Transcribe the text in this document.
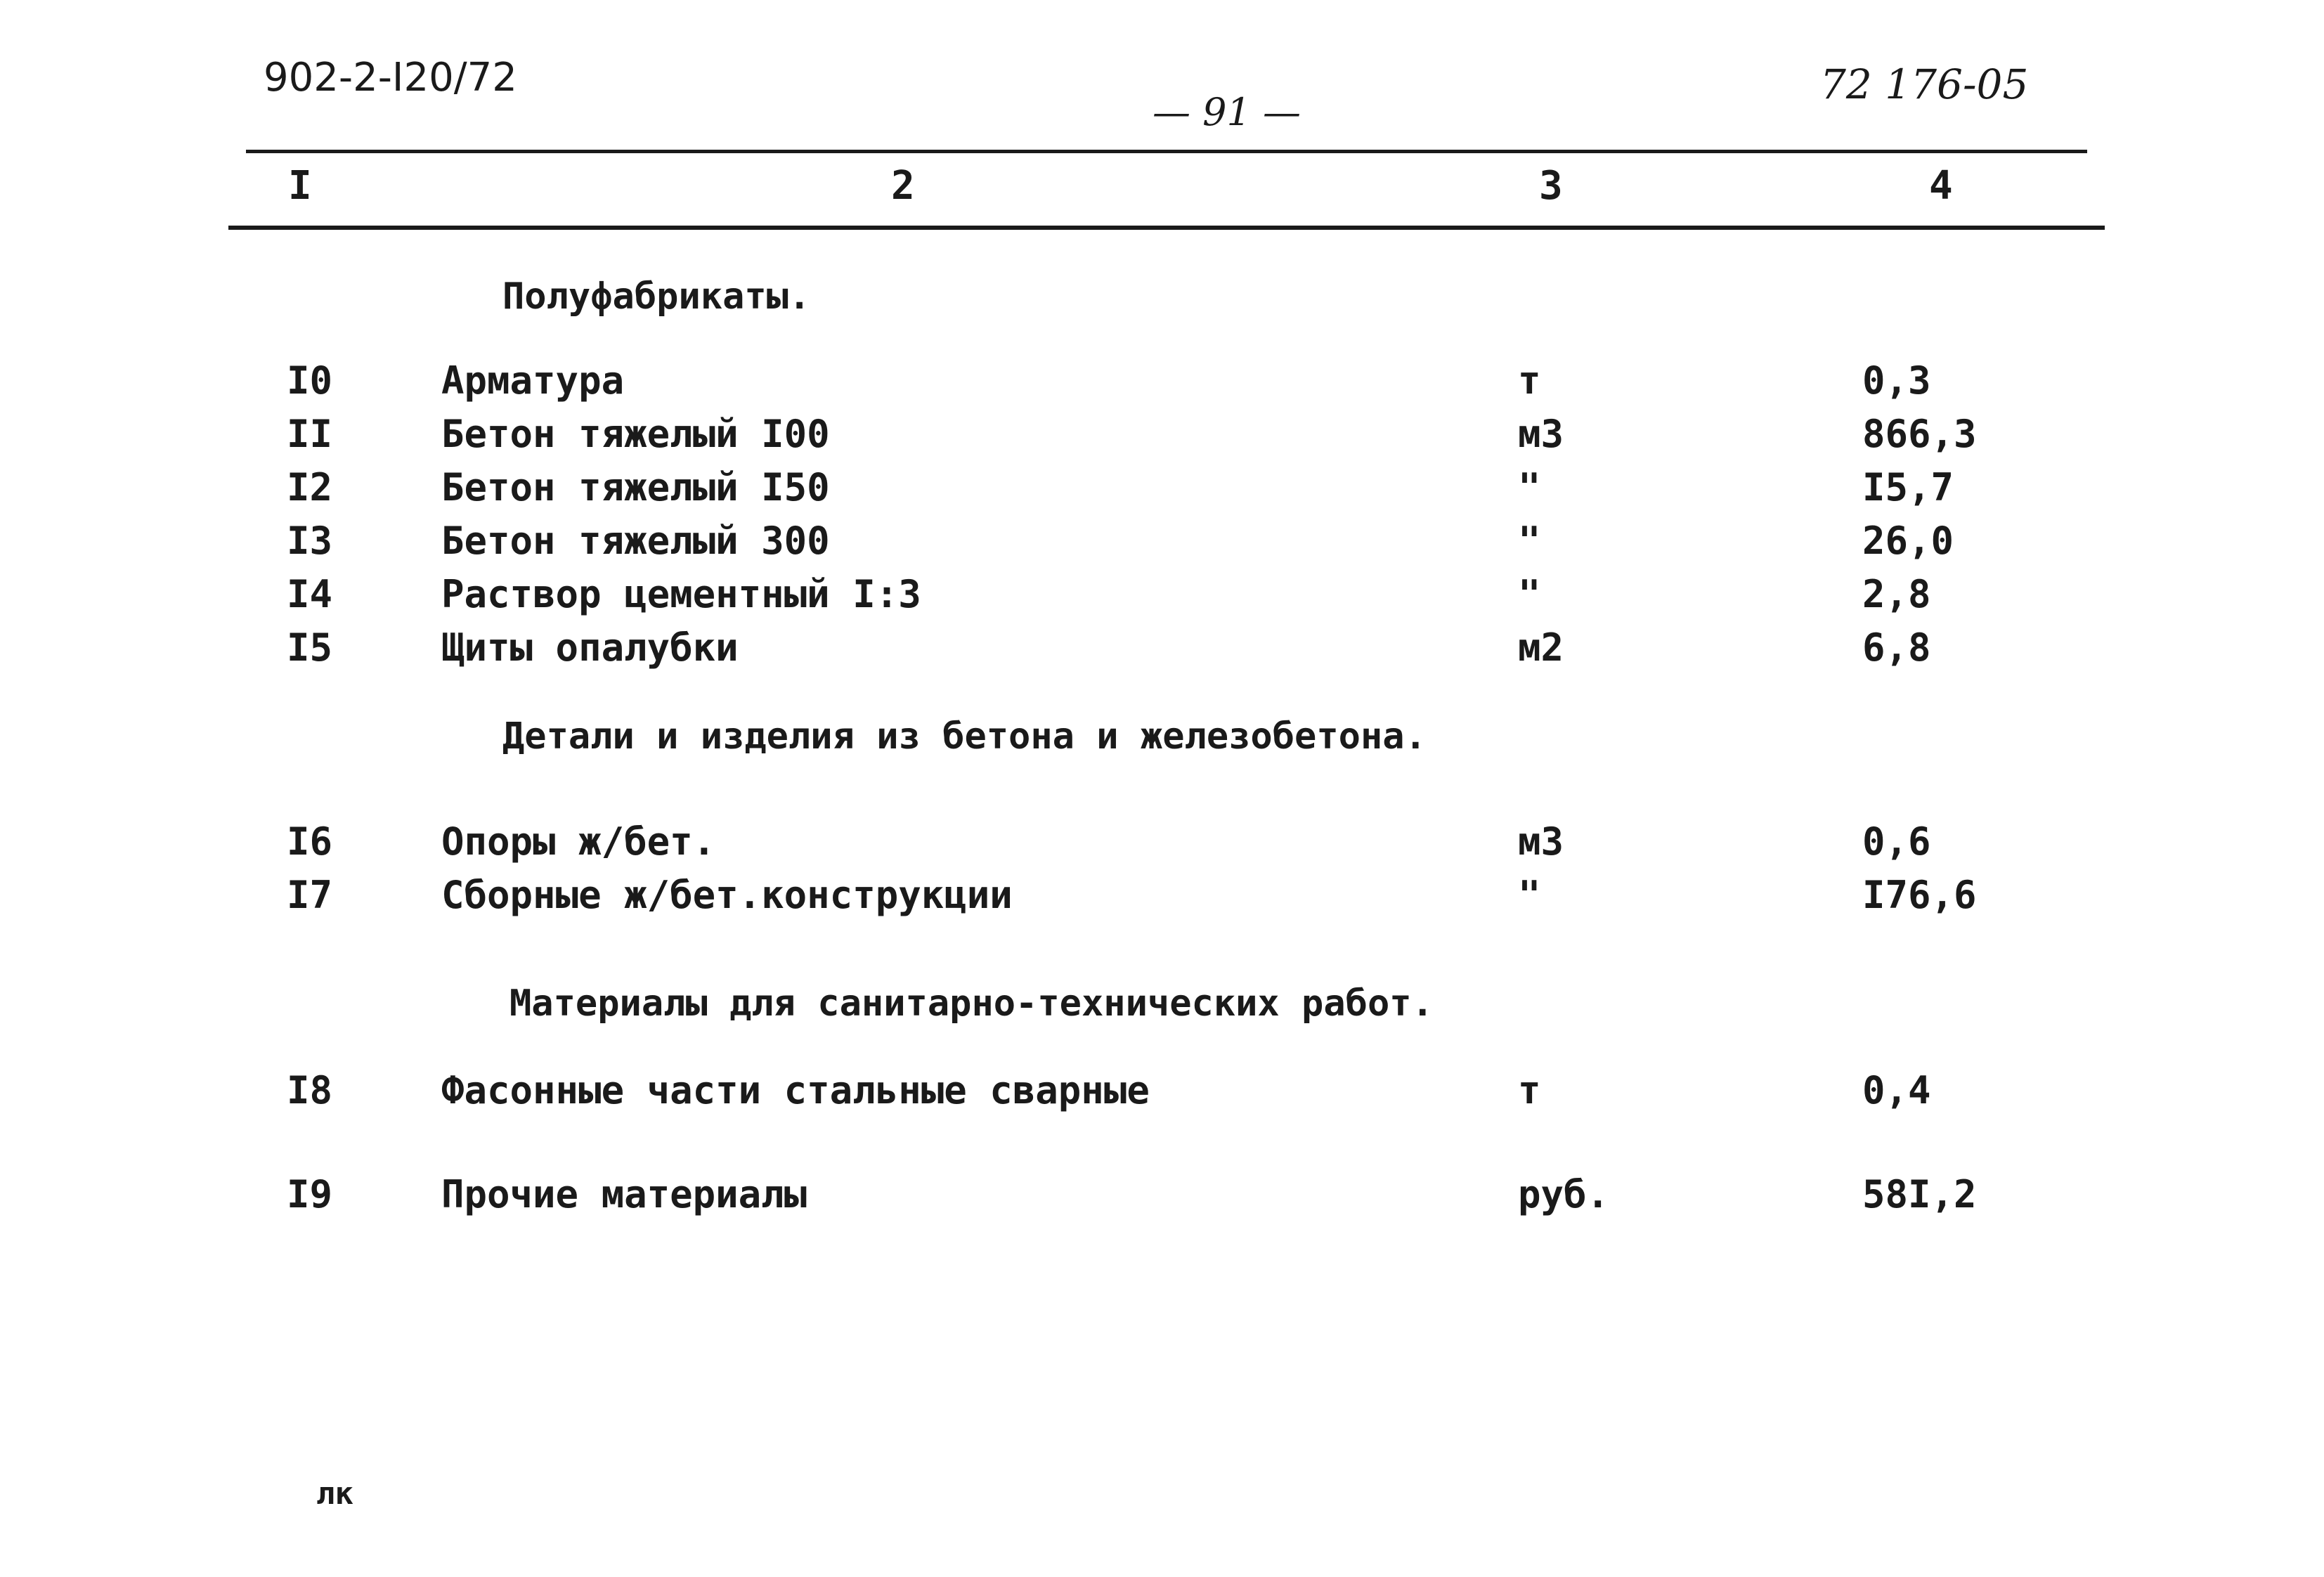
902-2-I20/72
— 91 —
72 176-05
I	2	3	4
Полуфабрикаты.
I0	Арматура	т	0,3
II	Бетон тяжелый I00	м3	866,3
I2	Бетон тяжелый I50	"	I5,7
I3	Бетон тяжелый 300	"	26,0
I4	Раствор цементный I:3	"	2,8
I5	Щиты опалубки	м2	6,8
Детали и изделия из бетона и железобетона.
I6	Опоры ж/бет.	м3	0,6
I7	Сборные ж/бет.конструкции	"	I76,6
Материалы для санитарно-технических работ.
I8	Фасонные части стальные сварные	т	0,4
I9	Прочие материалы	руб.	58I,2
лк
